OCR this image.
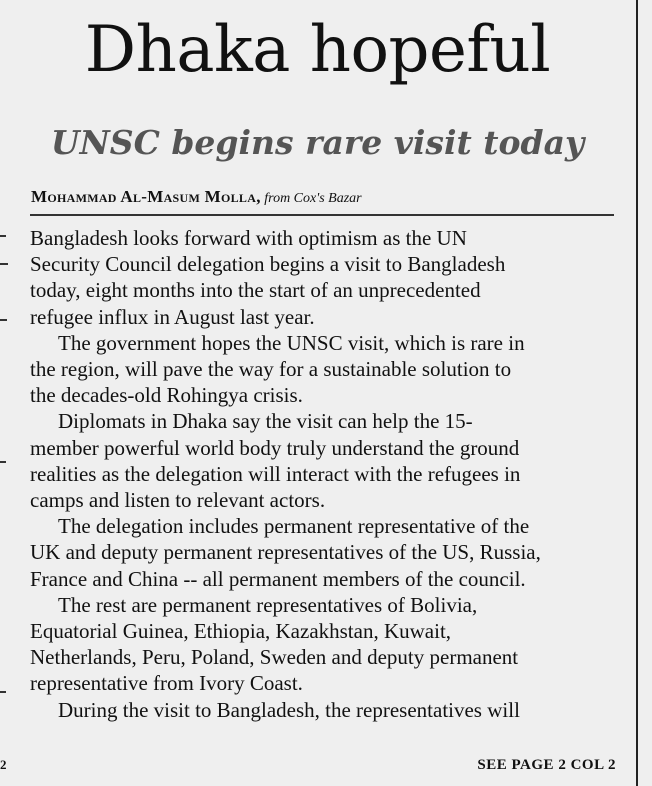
Dhaka hopeful
UNSC begins rare visit today
Mohammad Al-Masum Molla, from Cox's Bazar

Bangladesh looks forward with optimism as the UN
Security Council delegation begins a visit to Bangladesh
today, eight months into the start of an unprecedented
refugee influx in August last year.

The government hopes the UNSC visit, which is rare in
the region, will pave the way for a sustainable solution to
the decades-old Rohingya crisis.

Diplomats in Dhaka say the visit can help the 15-
member powerful world body truly understand the ground
realities as the delegation will interact with the refugees in
camps and listen to relevant actors.

The delegation includes permanent representative of the
UK and deputy permanent representatives of the US, Russia,
France and China -- all permanent members of the council.

The rest are permanent representatives of Bolivia,
Equatorial Guinea, Ethiopia, Kazakhstan, Kuwait,
Netherlands, Peru, Poland, Sweden and deputy permanent
representative from Ivory Coast.

During the visit to Bangladesh, the representatives will

SEE PAGE 2 COL 2
2
